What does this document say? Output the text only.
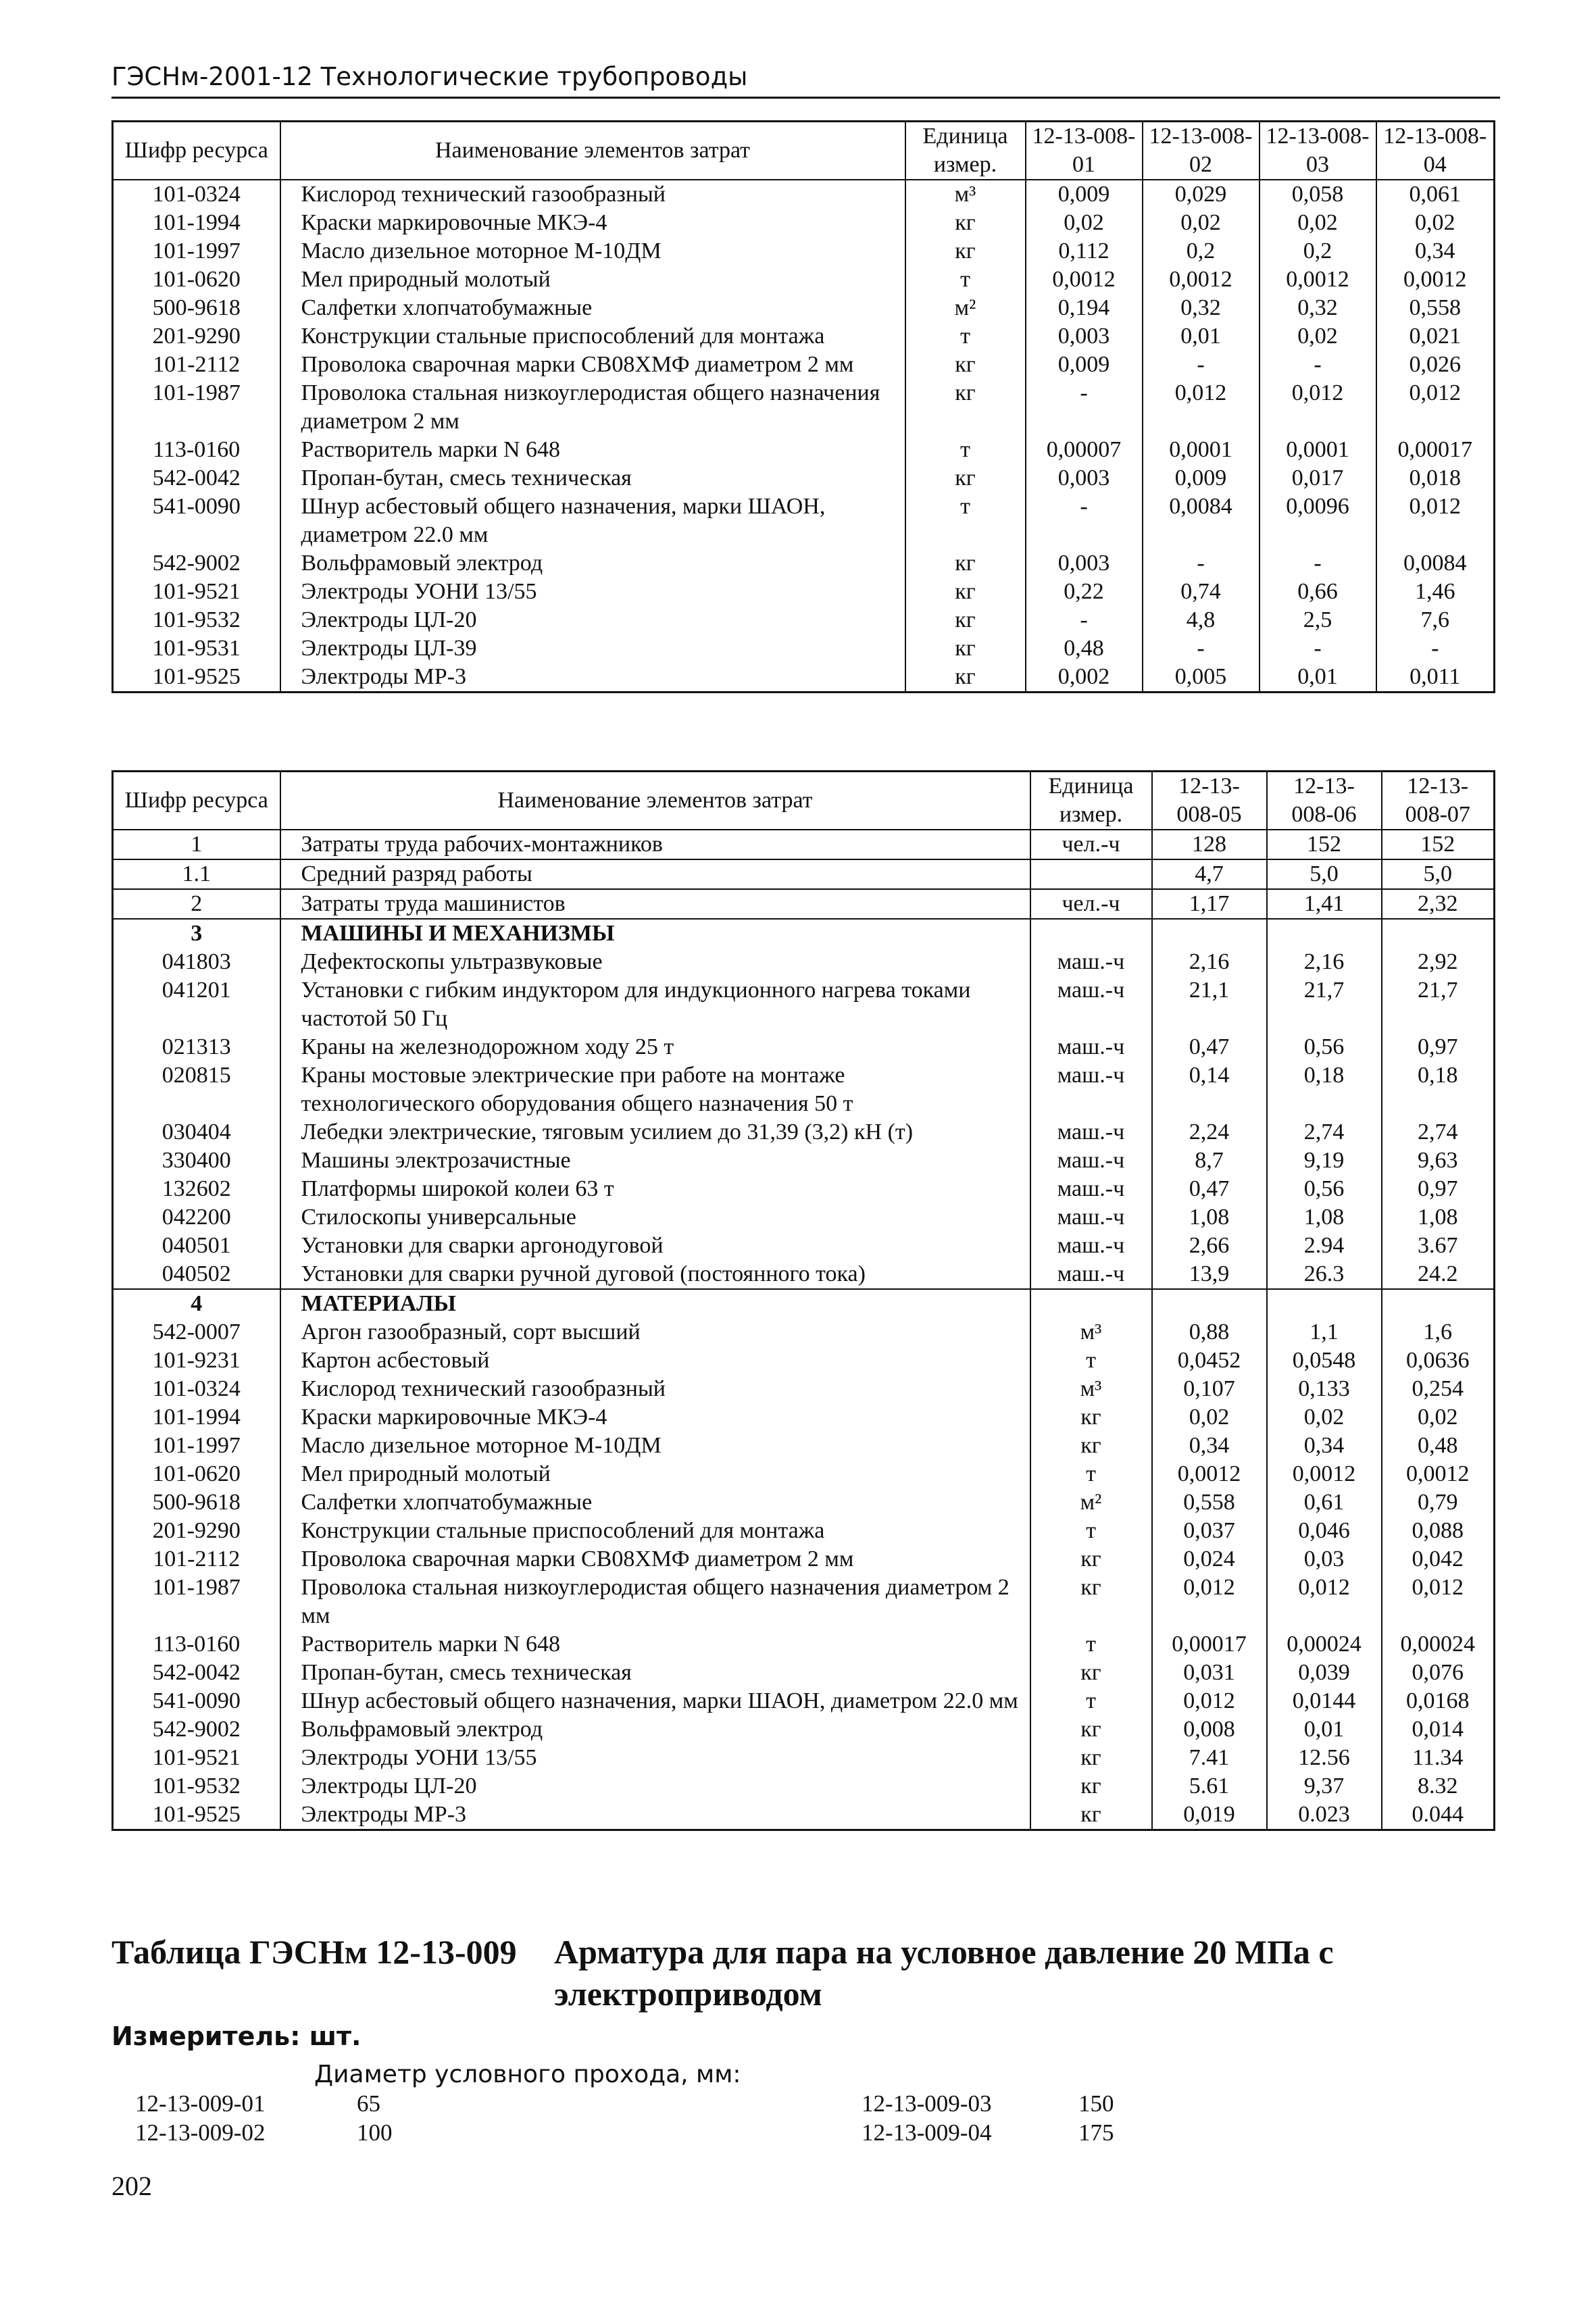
ГЭСНм-2001-12 Технологические трубопроводы
Шифр ресурса	Наименование элементов затрат	Единица измер.	12-13-008-01	12-13-008-02	12-13-008-03	12-13-008-04
101-0324	Кислород технический газообразный	м³	0,009	0,029	0,058	0,061
101-1994	Краски маркировочные МКЭ-4	кг	0,02	0,02	0,02	0,02
101-1997	Масло дизельное моторное М-10ДМ	кг	0,112	0,2	0,2	0,34
101-0620	Мел природный молотый	т	0,0012	0,0012	0,0012	0,0012
500-9618	Салфетки хлопчатобумажные	м²	0,194	0,32	0,32	0,558
201-9290	Конструкции стальные приспособлений для монтажа	т	0,003	0,01	0,02	0,021
101-2112	Проволока сварочная марки СВ08ХМФ диаметром 2 мм	кг	0,009	-	-	0,026
101-1987	Проволока стальная низкоуглеродистая общего назначения диаметром 2 мм	кг	-	0,012	0,012	0,012
113-0160	Растворитель марки N 648	т	0,00007	0,0001	0,0001	0,00017
542-0042	Пропан-бутан, смесь техническая	кг	0,003	0,009	0,017	0,018
541-0090	Шнур асбестовый общего назначения, марки ШАОН, диаметром 22.0 мм	т	-	0,0084	0,0096	0,012
542-9002	Вольфрамовый электрод	кг	0,003	-	-	0,0084
101-9521	Электроды УОНИ 13/55	кг	0,22	0,74	0,66	1,46
101-9532	Электроды ЦЛ-20	кг	-	4,8	2,5	7,6
101-9531	Электроды ЦЛ-39	кг	0,48	-	-	-
101-9525	Электроды МР-3	кг	0,002	0,005	0,01	0,011
Шифр ресурса	Наименование элементов затрат	Единица измер.	12-13-008-05	12-13-008-06	12-13-008-07
1	Затраты труда рабочих-монтажников	чел.-ч	128	152	152
1.1	Средний разряд работы		4,7	5,0	5,0
2	Затраты труда машинистов	чел.-ч	1,17	1,41	2,32
3	МАШИНЫ И МЕХАНИЗМЫ				
041803	Дефектоскопы ультразвуковые	маш.-ч	2,16	2,16	2,92
041201	Установки с гибким индуктором для индукционного нагрева токами частотой 50 Гц	маш.-ч	21,1	21,7	21,7
021313	Краны на железнодорожном ходу 25 т	маш.-ч	0,47	0,56	0,97
020815	Краны мостовые электрические при работе на монтаже технологического оборудования общего назначения 50 т	маш.-ч	0,14	0,18	0,18
030404	Лебедки электрические, тяговым усилием до 31,39 (3,2) кН (т)	маш.-ч	2,24	2,74	2,74
330400	Машины электрозачистные	маш.-ч	8,7	9,19	9,63
132602	Платформы широкой колеи 63 т	маш.-ч	0,47	0,56	0,97
042200	Стилоскопы универсальные	маш.-ч	1,08	1,08	1,08
040501	Установки для сварки аргонодуговой	маш.-ч	2,66	2.94	3.67
040502	Установки для сварки ручной дуговой (постоянного тока)	маш.-ч	13,9	26.3	24.2
4	МАТЕРИАЛЫ				
542-0007	Аргон газообразный, сорт высший	м³	0,88	1,1	1,6
101-9231	Картон асбестовый	т	0,0452	0,0548	0,0636
101-0324	Кислород технический газообразный	м³	0,107	0,133	0,254
101-1994	Краски маркировочные МКЭ-4	кг	0,02	0,02	0,02
101-1997	Масло дизельное моторное М-10ДМ	кг	0,34	0,34	0,48
101-0620	Мел природный молотый	т	0,0012	0,0012	0,0012
500-9618	Салфетки хлопчатобумажные	м²	0,558	0,61	0,79
201-9290	Конструкции стальные приспособлений для монтажа	т	0,037	0,046	0,088
101-2112	Проволока сварочная марки СВ08ХМФ диаметром 2 мм	кг	0,024	0,03	0,042
101-1987	Проволока стальная низкоуглеродистая общего назначения диаметром 2 мм	кг	0,012	0,012	0,012
113-0160	Растворитель марки N 648	т	0,00017	0,00024	0,00024
542-0042	Пропан-бутан, смесь техническая	кг	0,031	0,039	0,076
541-0090	Шнур асбестовый общего назначения, марки ШАОН, диаметром 22.0 мм	т	0,012	0,0144	0,0168
542-9002	Вольфрамовый электрод	кг	0,008	0,01	0,014
101-9521	Электроды УОНИ 13/55	кг	7.41	12.56	11.34
101-9532	Электроды ЦЛ-20	кг	5.61	9,37	8.32
101-9525	Электроды МР-3	кг	0,019	0.023	0.044
Таблица ГЭСНм 12-13-009 Арматура для пара на условное давление 20 МПа с электроприводом
Измеритель: шт.
Диаметр условного прохода, мм:
12-13-009-01	65
12-13-009-02	100
12-13-009-03	150
12-13-009-04	175
202
